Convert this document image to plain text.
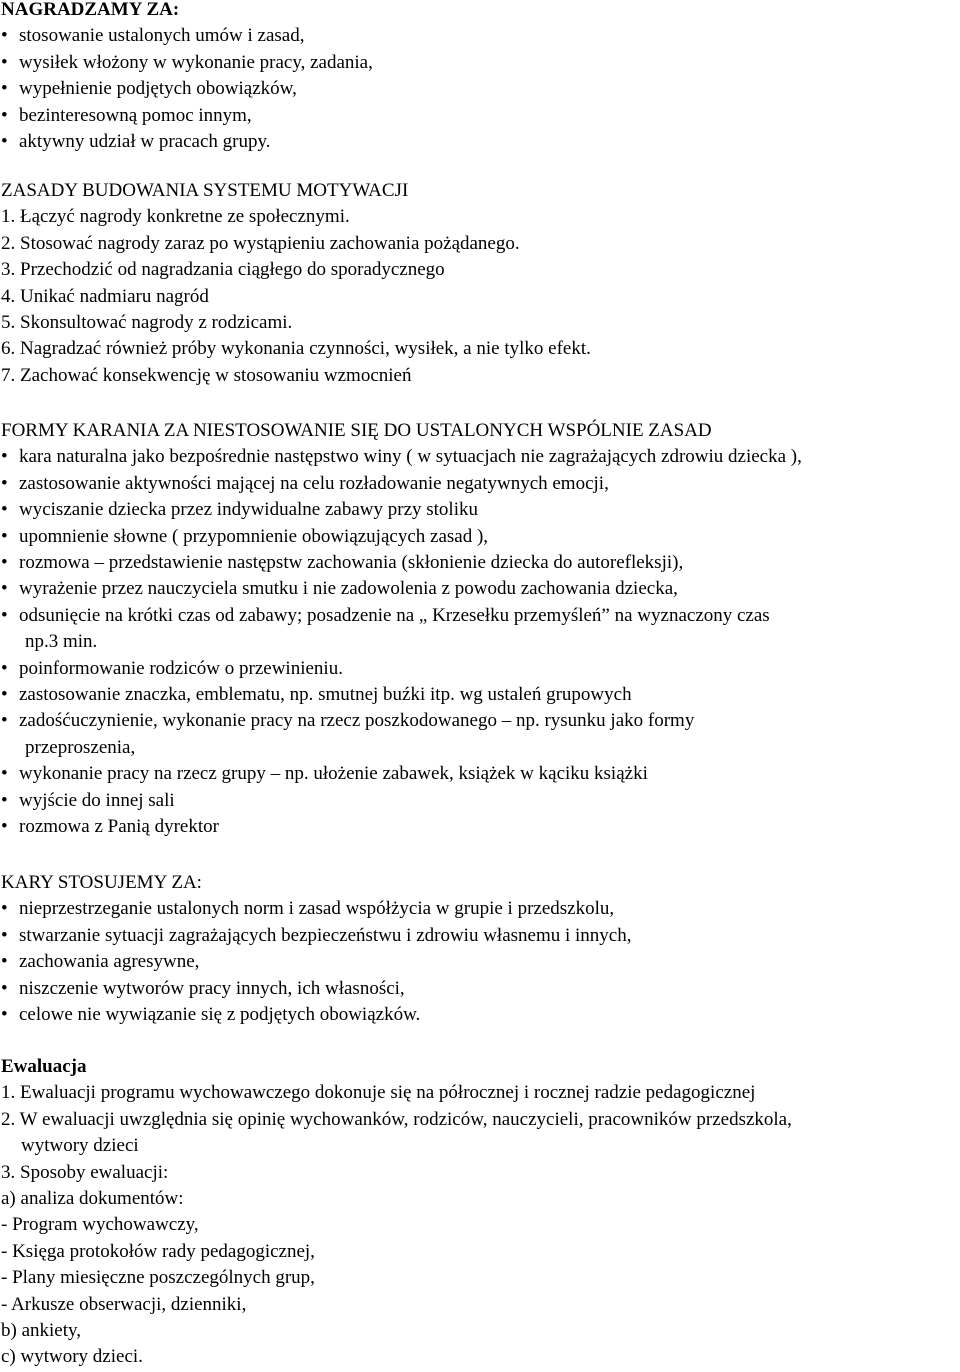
NAGRADZAMY ZA:
• stosowanie ustalonych umów i zasad,
• wysiłek włożony w wykonanie pracy, zadania,
• wypełnienie podjętych obowiązków,
• bezinteresowną pomoc innym,
• aktywny udział w pracach grupy.
ZASADY BUDOWANIA SYSTEMU MOTYWACJI
1. Łączyć nagrody konkretne ze społecznymi.
2. Stosować nagrody zaraz po wystąpieniu zachowania pożądanego.
3. Przechodzić od nagradzania ciągłego do sporadycznego
4. Unikać nadmiaru nagród
5. Skonsultować nagrody z rodzicami.
6. Nagradzać również próby wykonania czynności, wysiłek, a nie tylko efekt.
7. Zachować konsekwencję w stosowaniu wzmocnień
FORMY KARANIA ZA NIESTOSOWANIE SIĘ DO USTALONYCH WSPÓLNIE ZASAD
• kara naturalna jako bezpośrednie następstwo winy ( w sytuacjach nie zagrażających zdrowiu dziecka ),
• zastosowanie aktywności mającej na celu rozładowanie negatywnych emocji,
• wyciszanie dziecka przez indywidualne zabawy przy stoliku
• upomnienie słowne ( przypomnienie obowiązujących zasad ),
• rozmowa – przedstawienie następstw zachowania (skłonienie dziecka do autorefleksji),
• wyrażenie przez nauczyciela smutku i nie zadowolenia z powodu zachowania dziecka,
• odsunięcie na krótki czas od zabawy; posadzenie na „ Krzesełku przemyśleń” na wyznaczony czas
np.3 min.
• poinformowanie rodziców o przewinieniu.
• zastosowanie znaczka, emblematu, np. smutnej buźki itp. wg ustaleń grupowych
• zadośćuczynienie, wykonanie pracy na rzecz poszkodowanego – np. rysunku jako formy
przeproszenia,
• wykonanie pracy na rzecz grupy – np. ułożenie zabawek, książek w kąciku książki
• wyjście do innej sali
• rozmowa z Panią dyrektor
KARY STOSUJEMY ZA:
• nieprzestrzeganie ustalonych norm i zasad współżycia w grupie i przedszkolu,
• stwarzanie sytuacji zagrażających bezpieczeństwu i zdrowiu własnemu i innych,
• zachowania agresywne,
• niszczenie wytworów pracy innych, ich własności,
• celowe nie wywiązanie się z podjętych obowiązków.
Ewaluacja
1. Ewaluacji programu wychowawczego dokonuje się na półrocznej i rocznej radzie pedagogicznej
2. W ewaluacji uwzględnia się opinię wychowanków, rodziców, nauczycieli, pracowników przedszkola,
wytwory dzieci
3. Sposoby ewaluacji:
a) analiza dokumentów:
- Program wychowawczy,
- Księga protokołów rady pedagogicznej,
- Plany miesięczne poszczególnych grup,
- Arkusze obserwacji, dzienniki,
b) ankiety,
c) wytwory dzieci.
